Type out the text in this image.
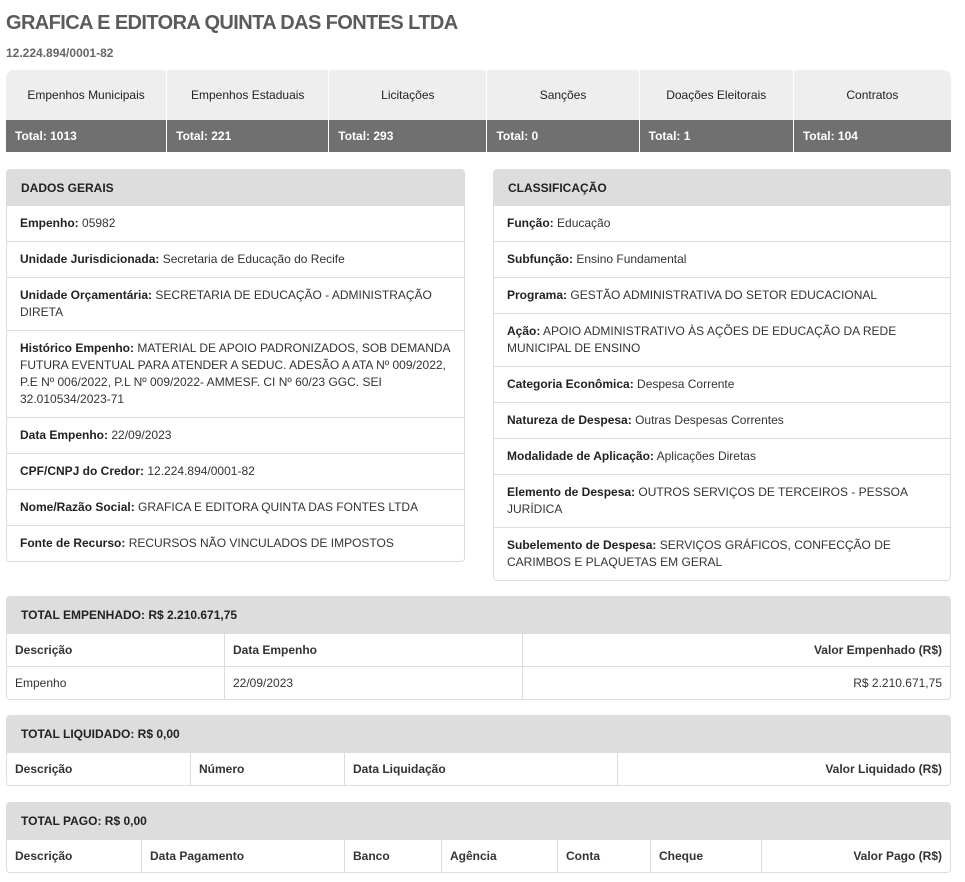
GRAFICA E EDITORA QUINTA DAS FONTES LTDA
12.224.894/0001-82
Empenhos Municipais
Total: 1013
Empenhos Estaduais
Total: 221
Licitações
Total: 293
Sanções
Total: 0
Doações Eleitorais
Total: 1
Contratos
Total: 104
DADOS GERAIS
Empenho: 05982
Unidade Jurisdicionada: Secretaria de Educação do Recife
Unidade Orçamentária: SECRETARIA DE EDUCAÇÃO - ADMINISTRAÇÃO DIRETA
Histórico Empenho: MATERIAL DE APOIO PADRONIZADOS, SOB DEMANDA FUTURA EVENTUAL PARA ATENDER A SEDUC. ADESÃO A ATA Nº 009/2022, P.E Nº 006/2022, P.L Nº 009/2022- AMMESF. CI Nº 60/23 GGC. SEI 32.010534/2023-71
Data Empenho: 22/09/2023
CPF/CNPJ do Credor: 12.224.894/0001-82
Nome/Razão Social: GRAFICA E EDITORA QUINTA DAS FONTES LTDA
Fonte de Recurso: RECURSOS NÃO VINCULADOS DE IMPOSTOS
CLASSIFICAÇÃO
Função: Educação
Subfunção: Ensino Fundamental
Programa: GESTÃO ADMINISTRATIVA DO SETOR EDUCACIONAL
Ação: APOIO ADMINISTRATIVO ÀS AÇÕES DE EDUCAÇÃO DA REDE MUNICIPAL DE ENSINO
Categoria Econômica: Despesa Corrente
Natureza de Despesa: Outras Despesas Correntes
Modalidade de Aplicação: Aplicações Diretas
Elemento de Despesa: OUTROS SERVIÇOS DE TERCEIROS - PESSOA JURÍDICA
Subelemento de Despesa: SERVIÇOS GRÁFICOS, CONFECÇÃO DE CARIMBOS E PLAQUETAS EM GERAL
TOTAL EMPENHADO: R$ 2.210.671,75
Descrição	Data Empenho	Valor Empenhado (R$)
Empenho	22/09/2023	R$ 2.210.671,75
TOTAL LIQUIDADO: R$ 0,00
Descrição	Número	Data Liquidação	Valor Liquidado (R$)
TOTAL PAGO: R$ 0,00
Descrição	Data Pagamento	Banco	Agência	Conta	Cheque	Valor Pago (R$)
